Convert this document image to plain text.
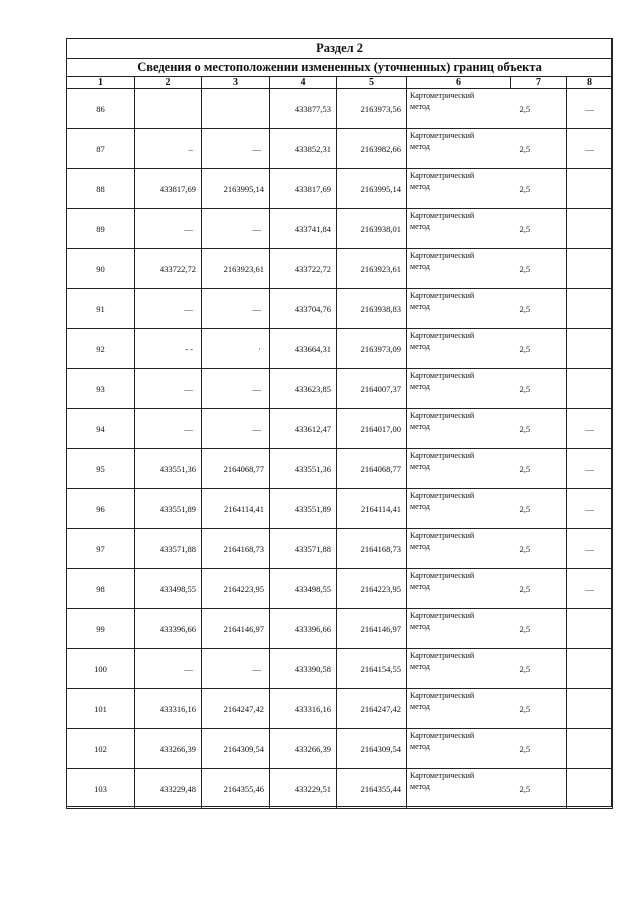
Раздел 2							
Сведения о местоположении измененных (уточненных) границ объекта							
1	2	3	4	5	6	7	8
86			433877,53	2163973,56	Картометрический
метод	2,5	—
87	–	—	433852,31	2163982,66	Картометрический
метод	2,5	—
88	433817,69	2163995,14	433817,69	2163995,14	Картометрический
метод	2,5	
89	—	—	433741,84	2163938,01	Картометрический
метод	2,5	
90	433722,72	2163923,61	433722,72	2163923,61	Картометрический
метод	2,5	
91	—	—	433704,76	2163938,83	Картометрический
метод	2,5	
92	- -	·	433664,31	2163973,09	Картометрический
метод	2,5	
93	—	—	433623,85	2164007,37	Картометрический
метод	2,5	
94	—	—	433612,47	2164017,00	Картометрический
метод	2,5	—
95	433551,36	2164068,77	433551,36	2164068,77	Картометрический
метод	2,5	—
96	433551,89	2164114,41	433551,89	2164114,41	Картометрический
метод	2,5	—
97	433571,88	2164168,73	433571,88	2164168,73	Картометрический
метод	2,5	—
98	433498,55	2164223,95	433498,55	2164223,95	Картометрический
метод	2,5	—
99	433396,66	2164146,97	433396,66	2164146,97	Картометрический
метод	2,5	
100	—	—	433390,58	2164154,55	Картометрический
метод	2,5	
101	433316,16	2164247,42	433316,16	2164247,42	Картометрический
метод	2,5	
102	433266,39	2164309,54	433266,39	2164309,54	Картометрический
метод	2,5	
103	433229,48	2164355,46	433229,51	2164355,44	Картометрический
метод	2,5	
